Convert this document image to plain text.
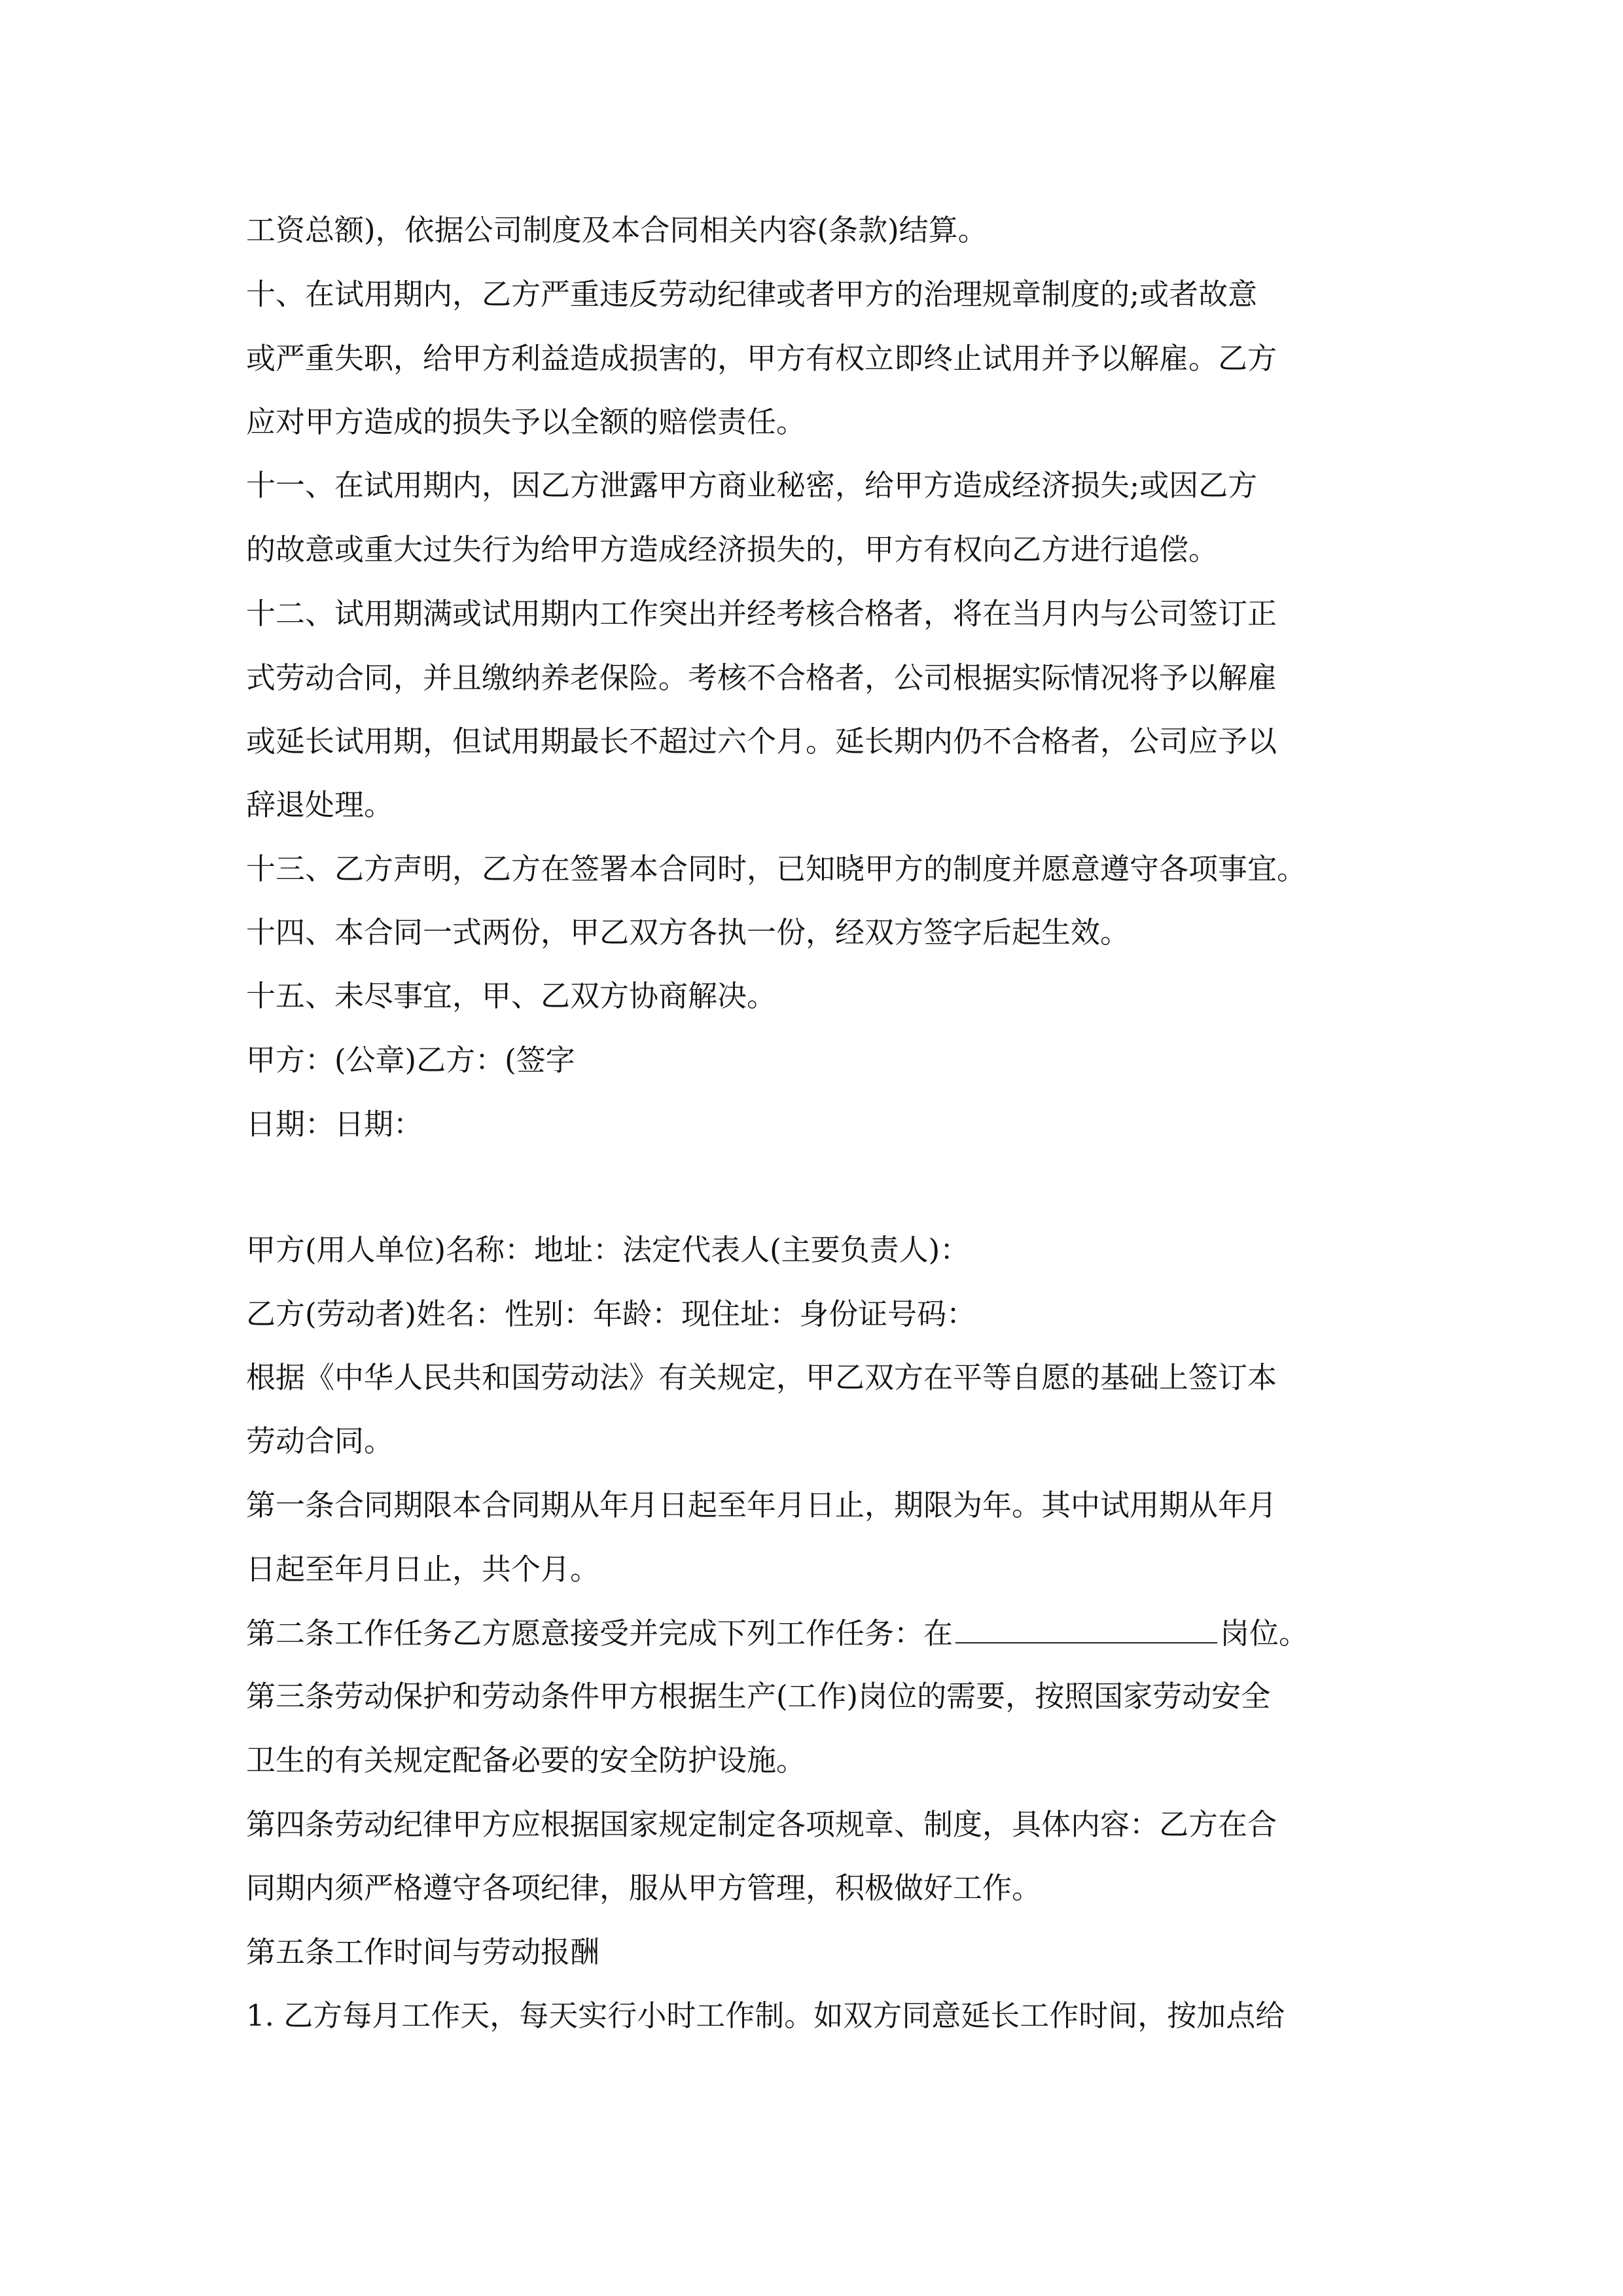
工资总额)，依据公司制度及本合同相关内容(条款)结算。
十、在试用期内，乙方严重违反劳动纪律或者甲方的治理规章制度的;或者故意
或严重失职，给甲方利益造成损害的，甲方有权立即终止试用并予以解雇。乙方
应对甲方造成的损失予以全额的赔偿责任。
十一、在试用期内，因乙方泄露甲方商业秘密，给甲方造成经济损失;或因乙方
的故意或重大过失行为给甲方造成经济损失的，甲方有权向乙方进行追偿。
十二、试用期满或试用期内工作突出并经考核合格者，将在当月内与公司签订正
式劳动合同，并且缴纳养老保险。考核不合格者，公司根据实际情况将予以解雇
或延长试用期，但试用期最长不超过六个月。延长期内仍不合格者，公司应予以
辞退处理。
十三、乙方声明，乙方在签署本合同时，已知晓甲方的制度并愿意遵守各项事宜。
十四、本合同一式两份，甲乙双方各执一份，经双方签字后起生效。
十五、未尽事宜，甲、乙双方协商解决。
甲方：(公章)乙方：(签字
日期：日期：
甲方(用人单位)名称：地址：法定代表人(主要负责人)：
乙方(劳动者)姓名：性别：年龄：现住址：身份证号码：
根据《中华人民共和国劳动法》有关规定，甲乙双方在平等自愿的基础上签订本
劳动合同。
第一条合同期限本合同期从年月日起至年月日止，期限为年。其中试用期从年月
日起至年月日止，共个月。
第二条工作任务乙方愿意接受并完成下列工作任务：在	岗位。
第三条劳动保护和劳动条件甲方根据生产(工作)岗位的需要，按照国家劳动安全
卫生的有关规定配备必要的安全防护设施。
第四条劳动纪律甲方应根据国家规定制定各项规章、制度，具体内容：乙方在合
同期内须严格遵守各项纪律，服从甲方管理，积极做好工作。
第五条工作时间与劳动报酬
1. 乙方每月工作天，每天实行小时工作制。如双方同意延长工作时间，按加点给
